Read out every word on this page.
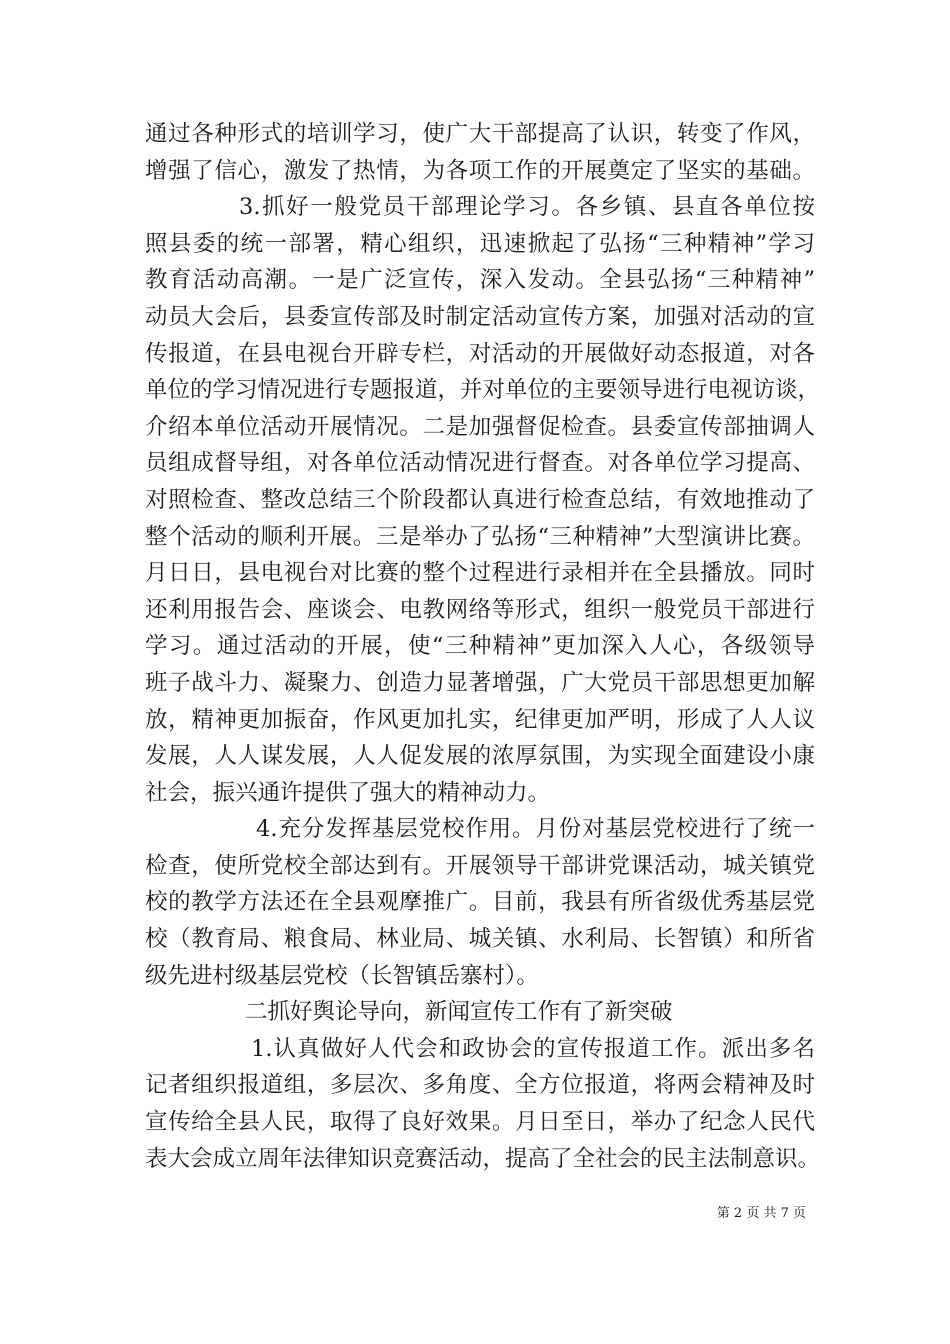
通过各种形式的培训学习，使广大干部提高了认识，转变了作风，
增强了信心，激发了热情，为各项工作的开展奠定了坚实的基础。
3.抓好一般党员干部理论学习。各乡镇、县直各单位按
照县委的统一部署，精心组织，迅速掀起了弘扬“三种精神”学习
教育活动高潮。一是广泛宣传，深入发动。全县弘扬“三种精神”
动员大会后，县委宣传部及时制定活动宣传方案，加强对活动的宣
传报道，在县电视台开辟专栏，对活动的开展做好动态报道，对各
单位的学习情况进行专题报道，并对单位的主要领导进行电视访谈，
介绍本单位活动开展情况。二是加强督促检查。县委宣传部抽调人
员组成督导组，对各单位活动情况进行督查。对各单位学习提高、
对照检查、整改总结三个阶段都认真进行检查总结，有效地推动了
整个活动的顺利开展。三是举办了弘扬“三种精神”大型演讲比赛。
月日日，县电视台对比赛的整个过程进行录相并在全县播放。同时
还利用报告会、座谈会、电教网络等形式，组织一般党员干部进行
学习。通过活动的开展，使“三种精神”更加深入人心，各级领导
班子战斗力、凝聚力、创造力显著增强，广大党员干部思想更加解
放，精神更加振奋，作风更加扎实，纪律更加严明，形成了人人议
发展，人人谋发展，人人促发展的浓厚氛围，为实现全面建设小康
社会，振兴通许提供了强大的精神动力。
4.充分发挥基层党校作用。月份对基层党校进行了统一
检查，使所党校全部达到有。开展领导干部讲党课活动，城关镇党
校的教学方法还在全县观摩推广。目前，我县有所省级优秀基层党
校（教育局、粮食局、林业局、城关镇、水利局、长智镇）和所省
级先进村级基层党校（长智镇岳寨村）。
二抓好舆论导向，新闻宣传工作有了新突破
1.认真做好人代会和政协会的宣传报道工作。派出多名
记者组织报道组，多层次、多角度、全方位报道，将两会精神及时
宣传给全县人民，取得了良好效果。月日至日，举办了纪念人民代
表大会成立周年法律知识竞赛活动，提高了全社会的民主法制意识。
第 2 页 共 7 页
